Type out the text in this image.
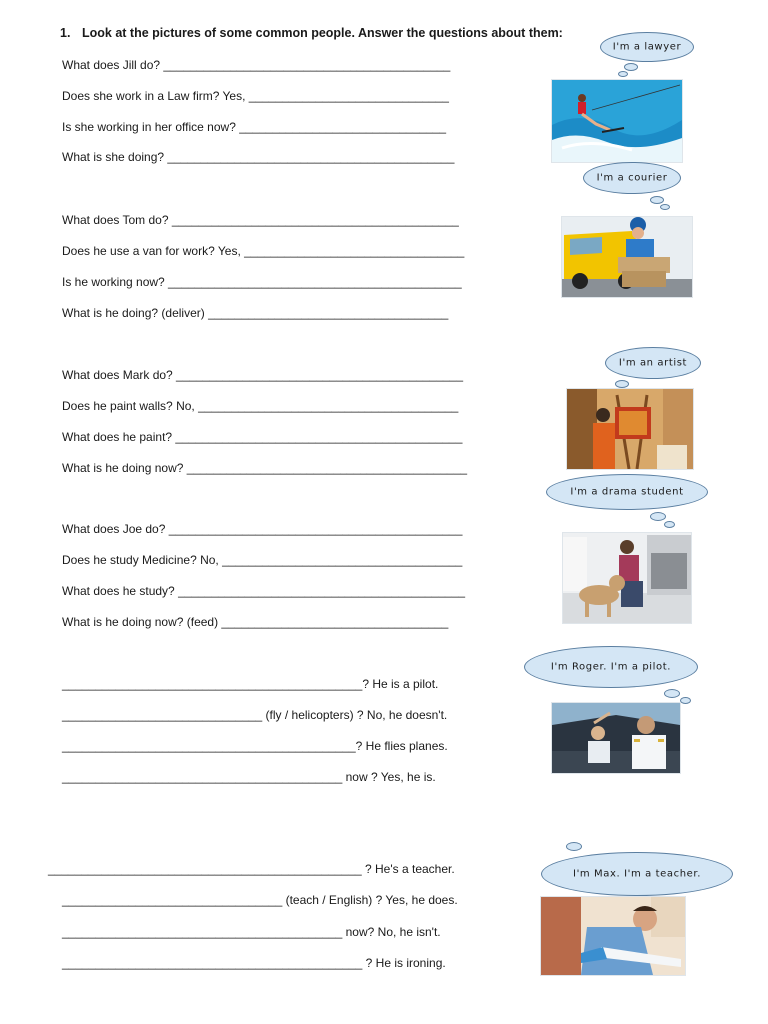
1. Look at the pictures of some common people. Answer the questions about them:
What does Jill do? ___________________________________________
Does she work in a Law firm? Yes, ______________________________
Is she working in her office now? _______________________________
What is she doing? ___________________________________________
I'm a lawyer
I'm a courier
What does Tom do? ___________________________________________
Does he use a van for work? Yes, _________________________________
Is he working now? ____________________________________________
What is he doing? (deliver) ____________________________________
I'm an artist
What does Mark do? ___________________________________________
Does he paint walls? No, _______________________________________
What does he paint? ___________________________________________
What is he doing now? __________________________________________
I'm a drama student
What does Joe do? ____________________________________________
Does he study Medicine? No, ____________________________________
What does he study? ___________________________________________
What is he doing now? (feed) __________________________________
I'm Roger. I'm a pilot.
_____________________________________________? He is a pilot.
______________________________ (fly / helicopters) ? No, he doesn't.
____________________________________________? He flies planes.
__________________________________________ now ? Yes, he is.
_______________________________________________ ? He's a teacher.
_________________________________ (teach / English) ? Yes, he does.
__________________________________________ now? No, he isn't.
_____________________________________________ ? He is ironing.
I'm Max. I'm a teacher.
